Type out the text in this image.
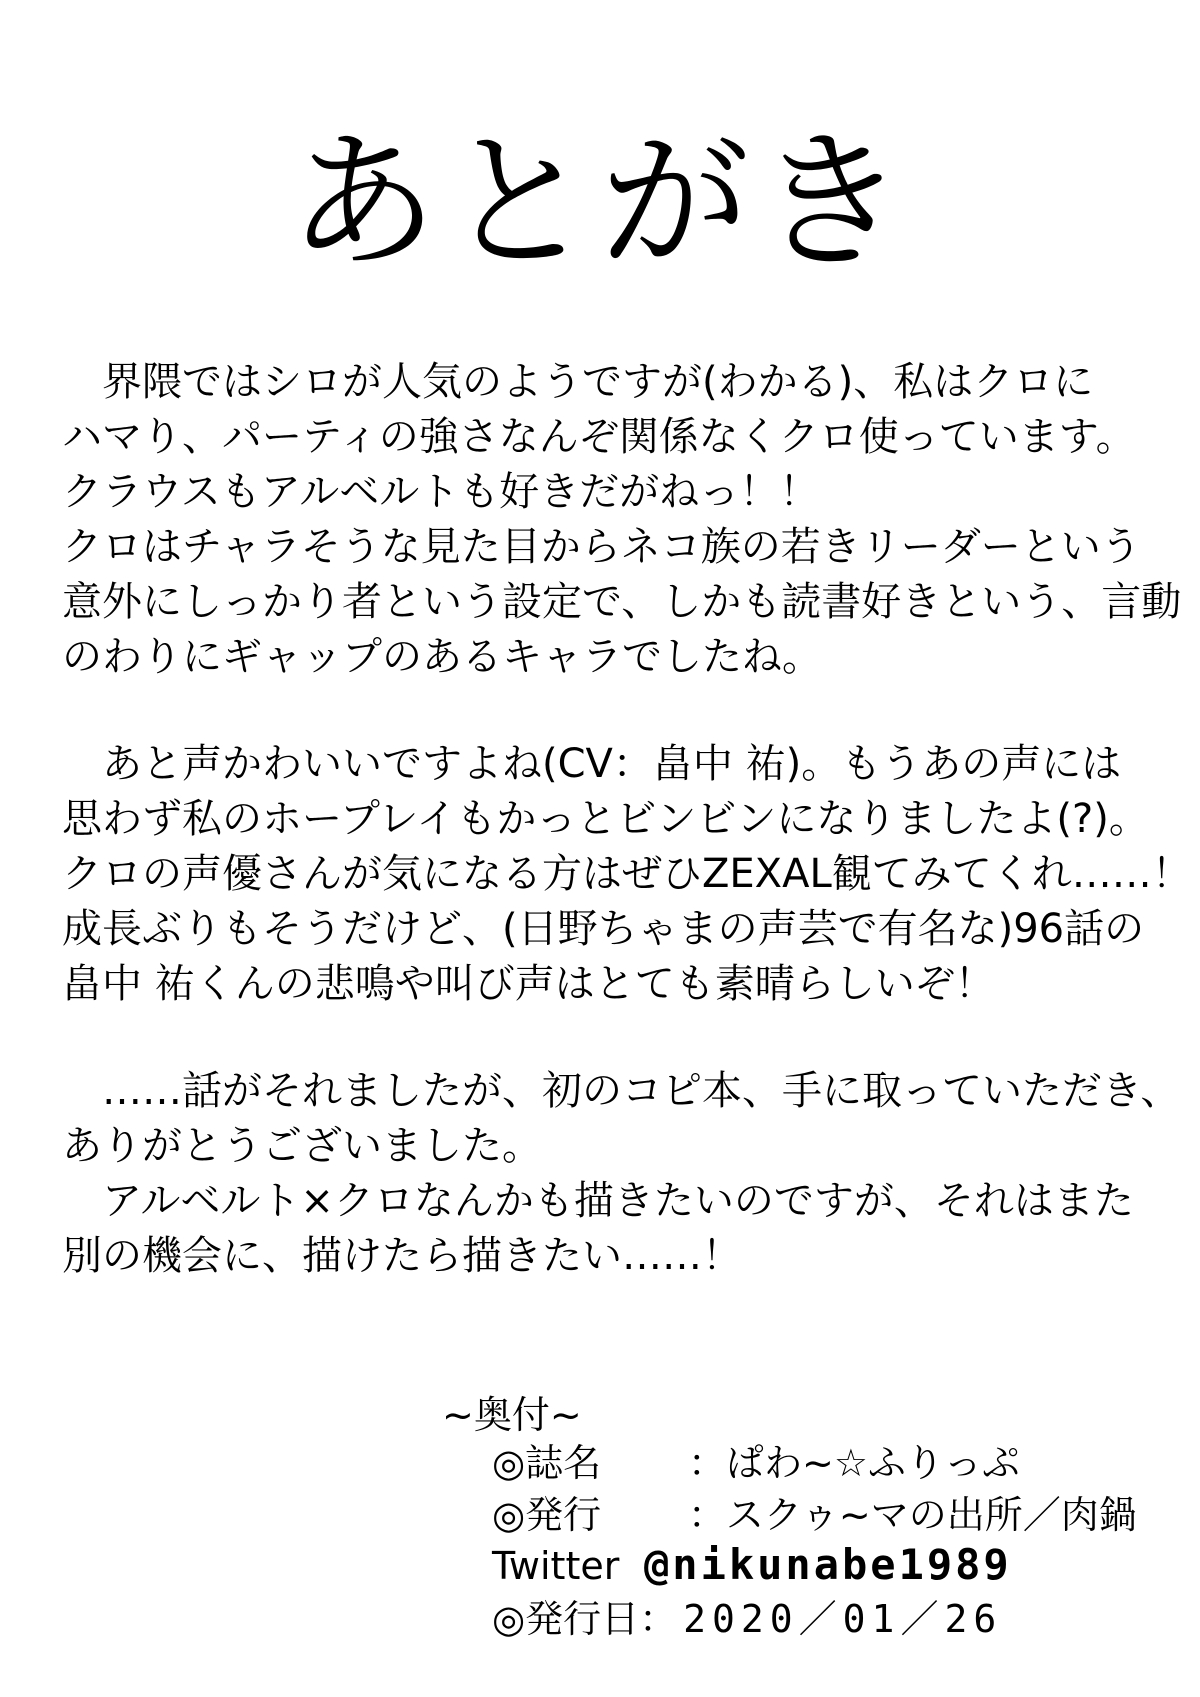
あとがき
　界隈ではシロが人気のようですが(わかる)、私はクロに
ハマり、パーティの強さなんぞ関係なくクロ使っています。
クラウスもアルベルトも好きだがねっ！！
クロはチャラそうな見た目からネコ族の若きリーダーという
意外にしっかり者という設定で、しかも読書好きという、言動
のわりにギャップのあるキャラでしたね。
　あと声かわいいですよね(CV：畠中 祐)。もうあの声には
思わず私のホープレイもかっとビンビンになりましたよ(?)。
クロの声優さんが気になる方はぜひZEXAL観てみてくれ……！
成長ぶりもそうだけど、(日野ちゃまの声芸で有名な)96話の
畠中 祐くんの悲鳴や叫び声はとても素晴らしいぞ！
　……話がそれましたが、初のコピ本、手に取っていただき、
ありがとうございました。
　アルベルト×クロなんかも描きたいのですが、それはまた
別の機会に、描けたら描きたい……！
~奥付~
◎誌名 ：ぱわ~☆ふりっぷ
◎発行 ：スクゥ~マの出所／肉鍋
Twitter @nikunabe1989
◎発行日：2020／01／26
